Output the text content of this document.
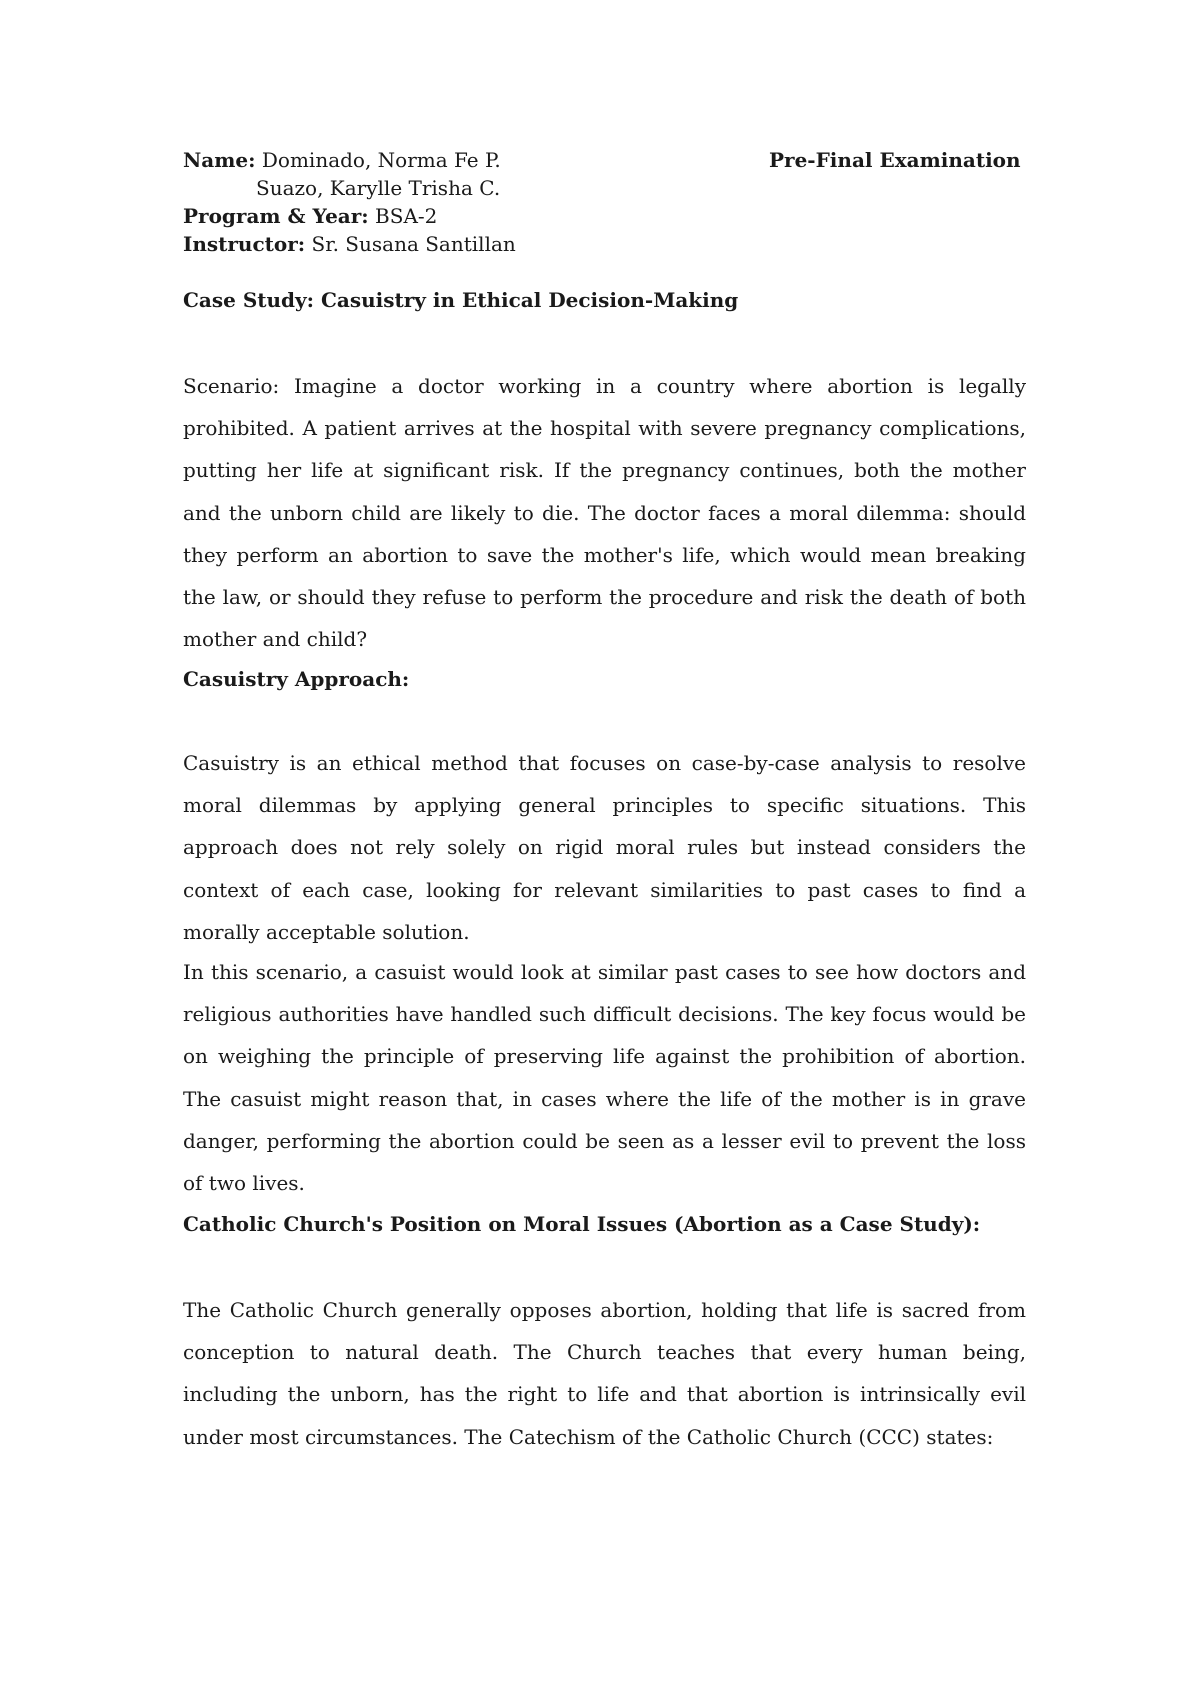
Name: Dominado, Norma Fe P.
Suazo, Karylle Trisha C.
Program & Year: BSA-2
Instructor: Sr. Susana Santillan
Pre-Final Examination
Case Study: Casuistry in Ethical Decision-Making

Scenario: Imagine a doctor working in a country where abortion is legally prohibited. A patient arrives at the hospital with severe pregnancy complications, putting her life at significant risk. If the pregnancy continues, both the mother and the unborn child are likely to die. The doctor faces a moral dilemma: should they perform an abortion to save the mother's life, which would mean breaking the law, or should they refuse to perform the procedure and risk the death of both mother and child?

Casuistry Approach:

Casuistry is an ethical method that focuses on case-by-case analysis to resolve moral dilemmas by applying general principles to specific situations. This approach does not rely solely on rigid moral rules but instead considers the context of each case, looking for relevant similarities to past cases to find a morally acceptable solution.

In this scenario, a casuist would look at similar past cases to see how doctors and religious authorities have handled such difficult decisions. The key focus would be on weighing the principle of preserving life against the prohibition of abortion. The casuist might reason that, in cases where the life of the mother is in grave danger, performing the abortion could be seen as a lesser evil to prevent the loss of two lives.

Catholic Church's Position on Moral Issues (Abortion as a Case Study):

The Catholic Church generally opposes abortion, holding that life is sacred from conception to natural death. The Church teaches that every human being, including the unborn, has the right to life and that abortion is intrinsically evil under most circumstances. The Catechism of the Catholic Church (CCC) states:
